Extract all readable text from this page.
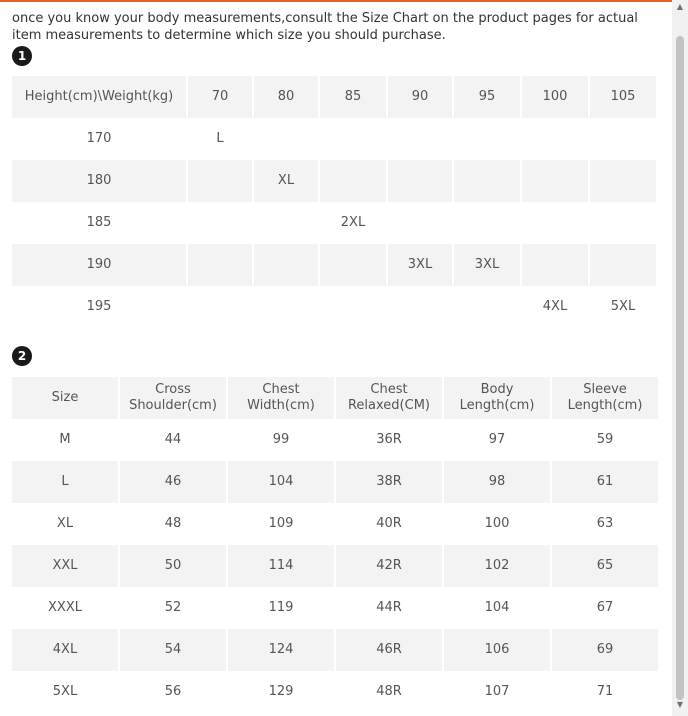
once you know your body measurements,consult the Size Chart on the product pages for actual item measurements to determine which size you should purchase.

1
Height(cm)\Weight(kg)	70	80	85	90	95	100	105
170	L						
180		XL					
185			2XL				
190				3XL	3XL		
195						4XL	5XL
2
Size	Cross Shoulder(cm)	Chest Width(cm)	Chest Relaxed(CM)	Body Length(cm)	Sleeve Length(cm)
M	44	99	36R	97	59
L	46	104	38R	98	61
XL	48	109	40R	100	63
XXL	50	114	42R	102	65
XXXL	52	119	44R	104	67
4XL	54	124	46R	106	69
5XL	56	129	48R	107	71
▲
▼
